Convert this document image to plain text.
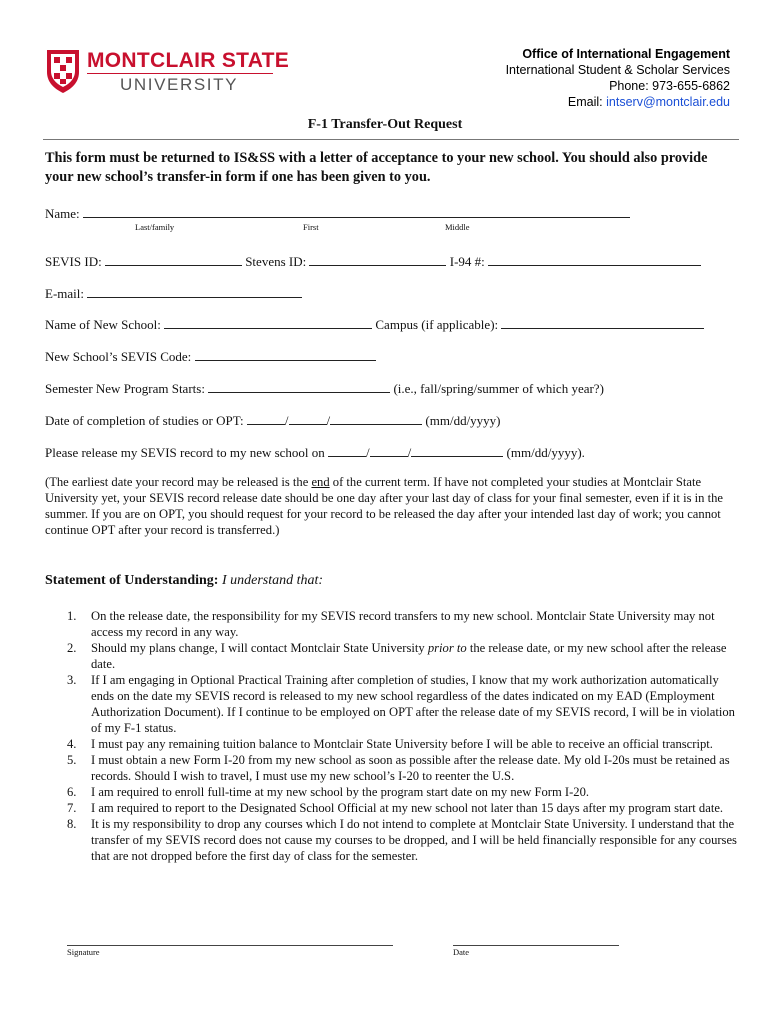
MONTCLAIR STATE
UNIVERSITY
Office of International Engagement
International Student & Scholar Services
Phone: 973-655-6862
Email: intserv@montclair.edu
F-1 Transfer-Out Request
This form must be returned to IS&SS with a letter of acceptance to your new school. You should also provide your new school’s transfer-in form if one has been given to you.
Name:
Last/family	First	Middle
SEVIS ID:	Stevens ID:	I-94 #:
E-mail:
Name of New School:	Campus (if applicable):
New School’s SEVIS Code:
Semester New Program Starts:	(i.e., fall/spring/summer of which year?)
Date of completion of studies or OPT:	/	/	(mm/dd/yyyy)
Please release my SEVIS record to my new school on	/	/	(mm/dd/yyyy).
(The earliest date your record may be released is the end of the current term. If have not completed your studies at Montclair State University yet, your SEVIS record release date should be one day after your last day of class for your final semester, even if it is in the summer. If you are on OPT, you should request for your record to be released the day after your intended last day of work; you cannot continue OPT after your record is transferred.)
Statement of Understanding: I understand that:
1. On the release date, the responsibility for my SEVIS record transfers to my new school. Montclair State University may not access my record in any way.
2. Should my plans change, I will contact Montclair State University prior to the release date, or my new school after the release date.
3. If I am engaging in Optional Practical Training after completion of studies, I know that my work authorization automatically ends on the date my SEVIS record is released to my new school regardless of the dates indicated on my EAD (Employment Authorization Document). If I continue to be employed on OPT after the release date of my SEVIS record, I will be in violation of my F-1 status.
4. I must pay any remaining tuition balance to Montclair State University before I will be able to receive an official transcript.
5. I must obtain a new Form I-20 from my new school as soon as possible after the release date. My old I-20s must be retained as records. Should I wish to travel, I must use my new school’s I-20 to reenter the U.S.
6. I am required to enroll full-time at my new school by the program start date on my new Form I-20.
7. I am required to report to the Designated School Official at my new school not later than 15 days after my program start date.
8. It is my responsibility to drop any courses which I do not intend to complete at Montclair State University. I understand that the transfer of my SEVIS record does not cause my courses to be dropped, and I will be held financially responsible for any courses that are not dropped before the first day of class for the semester.
Signature	Date
